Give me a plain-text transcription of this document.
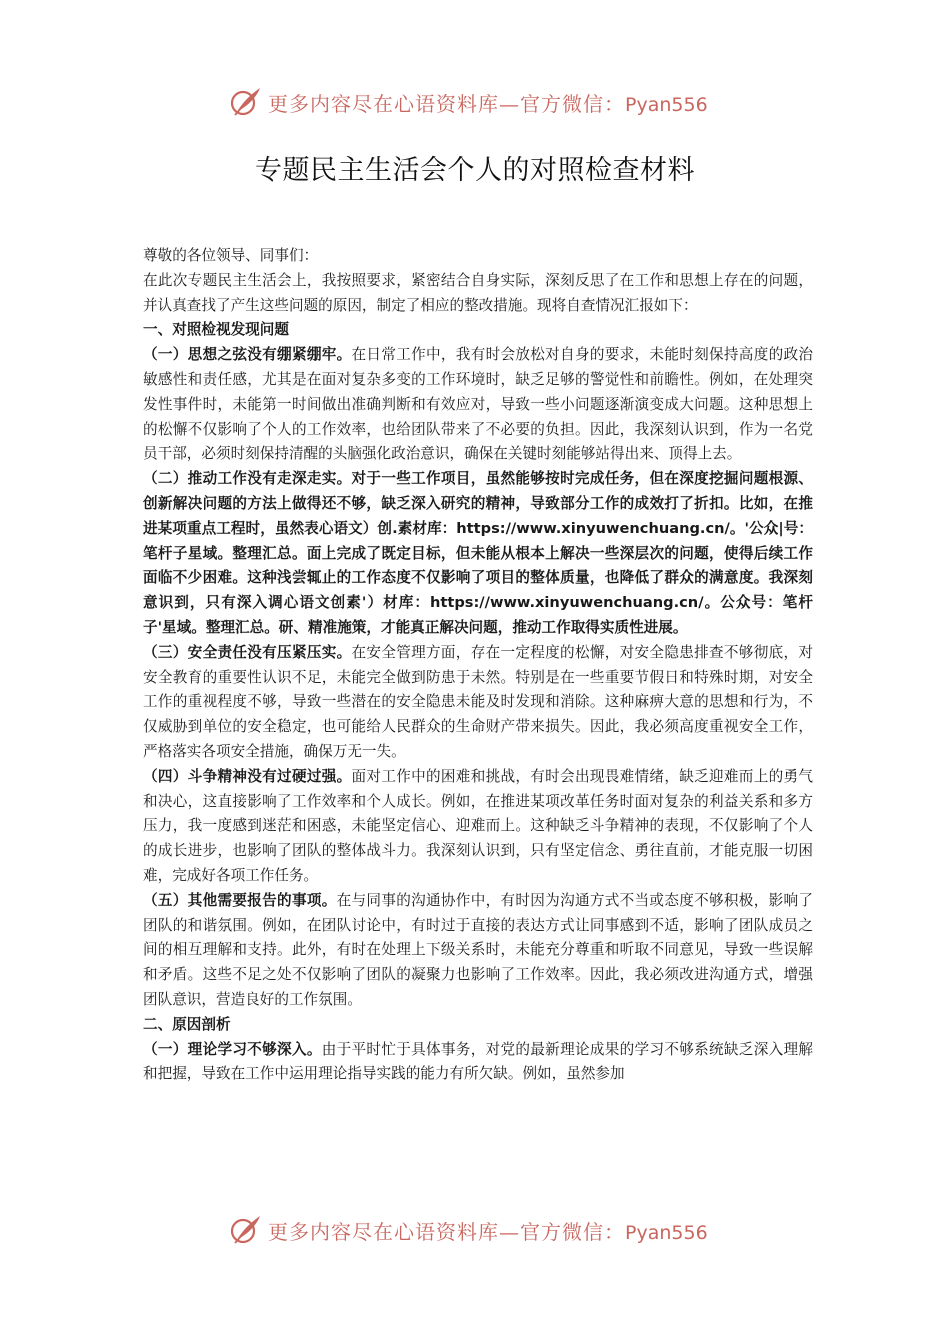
更多内容尽在心语资料库—官方微信：Pyan556
专题民主生活会个人的对照检查材料

尊敬的各位领导、同事们：

在此次专题民主生活会上，我按照要求，紧密结合自身实际，深刻反思了在工作和思想上存在的问题，并认真查找了产生这些问题的原因，制定了相应的整改措施。现将自查情况汇报如下：

一、对照检视发现问题

（一）思想之弦没有绷紧绷牢。在日常工作中，我有时会放松对自身的要求，未能时刻保持高度的政治敏感性和责任感，尤其是在面对复杂多变的工作环境时，缺乏足够的警觉性和前瞻性。例如，在处理突发性事件时，未能第一时间做出准确判断和有效应对，导致一些小问题逐渐演变成大问题。这种思想上的松懈不仅影响了个人的工作效率，也给团队带来了不必要的负担。因此，我深刻认识到，作为一名党员干部，必须时刻保持清醒的头脑强化政治意识，确保在关键时刻能够站得出来、顶得上去。

（二）推动工作没有走深走实。对于一些工作项目，虽然能够按时完成任务，但在深度挖掘问题根源、创新解决问题的方法上做得还不够，缺乏深入研究的精神，导致部分工作的成效打了折扣。比如，在推进某项重点工程时，虽然表心语文）创.素材库：https://www.xinyuwenchuang.cn/。'公众|号：笔杆子星域。整理汇总。面上完成了既定目标，但未能从根本上解决一些深层次的问题，使得后续工作面临不少困难。这种浅尝辄止的工作态度不仅影响了项目的整体质量，也降低了群众的满意度。我深刻意识到，只有深入调心语文创素'）材库：https://www.xinyuwenchuang.cn/。公众号：笔杆子'星域。整理汇总。研、精准施策，才能真正解决问题，推动工作取得实质性进展。

（三）安全责任没有压紧压实。在安全管理方面，存在一定程度的松懈，对安全隐患排查不够彻底，对安全教育的重要性认识不足，未能完全做到防患于未然。特别是在一些重要节假日和特殊时期，对安全工作的重视程度不够，导致一些潜在的安全隐患未能及时发现和消除。这种麻痹大意的思想和行为，不仅威胁到单位的安全稳定，也可能给人民群众的生命财产带来损失。因此，我必须高度重视安全工作，严格落实各项安全措施，确保万无一失。

（四）斗争精神没有过硬过强。面对工作中的困难和挑战，有时会出现畏难情绪，缺乏迎难而上的勇气和决心，这直接影响了工作效率和个人成长。例如，在推进某项改革任务时面对复杂的利益关系和多方压力，我一度感到迷茫和困惑，未能坚定信心、迎难而上。这种缺乏斗争精神的表现，不仅影响了个人的成长进步，也影响了团队的整体战斗力。我深刻认识到，只有坚定信念、勇往直前，才能克服一切困难，完成好各项工作任务。

（五）其他需要报告的事项。在与同事的沟通协作中，有时因为沟通方式不当或态度不够积极，影响了团队的和谐氛围。例如，在团队讨论中，有时过于直接的表达方式让同事感到不适，影响了团队成员之间的相互理解和支持。此外，有时在处理上下级关系时，未能充分尊重和听取不同意见，导致一些误解和矛盾。这些不足之处不仅影响了团队的凝聚力也影响了工作效率。因此，我必须改进沟通方式，增强团队意识，营造良好的工作氛围。

二、原因剖析

（一）理论学习不够深入。由于平时忙于具体事务，对党的最新理论成果的学习不够系统缺乏深入理解和把握，导致在工作中运用理论指导实践的能力有所欠缺。例如，虽然参加

更多内容尽在心语资料库—官方微信：Pyan556
